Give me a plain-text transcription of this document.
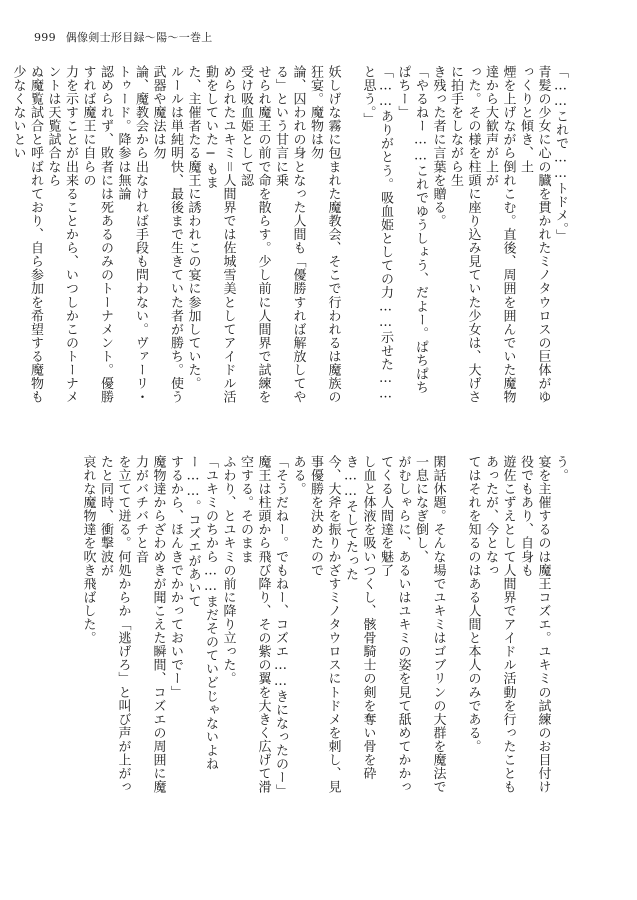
999 偶像剣士形目録～陽～一巻上

「……これで……トドメ。」

青髪の少女に心の臓を貫かれたミノタウロスの巨体がゆっくりと傾き、土

煙を上げながら倒れこむ。直後、周囲を囲んでいた魔物達から大歓声が上が

った。その様を柱頭に座り込み見ていた少女は、大げさに拍手をしながら生

き残った者に言葉を贈る。

「やるねー……これでゆうしょう、だよー。ぱちぱちぱちー」

「……ありがとう。吸血姫としての力……示せた……と思う。」

妖しげな霧に包まれた魔教会、そこで行われるは魔族の狂宴。魔物は勿

論、囚われの身となった人間も「優勝すれば解放してやる」という甘言に乗

せられ魔王の前で命を散らす。少し前に人間界で試練を受け吸血姫として認

められたユキミ＝人間界では佐城雪美としてアイドル活動をしていた─もま

た、主催者たる魔王に誘われこの宴に参加していた。

ルールは単純明快、最後まで生きていた者が勝ち。使う武器や魔法は勿

論、魔教会から出なければ手段も問わない。ヴァーリ・トゥード。降参は無論

認められず、敗者には死あるのみのトーナメント。優勝すれば魔王に自らの

力を示すことが出来ることから、いつしかこのトーナメントは天覧試合なら

ぬ魔覧試合と呼ばれており、自ら参加を希望する魔物も少なくないとい

う。

宴を主催するのは魔王コズエ。ユキミの試練のお目付け役でもあり、自身も

遊佐こずえとして人間界でアイドル活動を行ったこともあったが、今となっ

てはそれを知るのはある人間と本人のみである。

閑話休題。そんな場でユキミはゴブリンの大群を魔法で一息になぎ倒し、

がむしゃらに、あるいはユキミの姿を見て舐めてかかってくる人間達を魅了

し血と体液を吸いつくし、骸骨騎士の剣を奪い骨を砕き……そしてたった

今、大斧を振りかざすミノタウロスにトドメを刺し、見事優勝を決めたので

ある。

「そうだねー。でもねー、コズエ……きになったのー」

魔王は柱頭から飛び降り、その紫の翼を大きく広げて滑空する。そのまま

ふわり、とユキミの前に降り立った。

「ユキミのちから……まだそのていどじゃないよねー……。コズエがあいて

するから、ほんきでかかっておいでー」

魔物達からざわめきが聞こえた瞬間、コズエの周囲に魔力がバチバチと音

を立てて迸る。何処からか「逃げろ」と叫び声が上がったと同時、衝撃波が

哀れな魔物達を吹き飛ばした。
